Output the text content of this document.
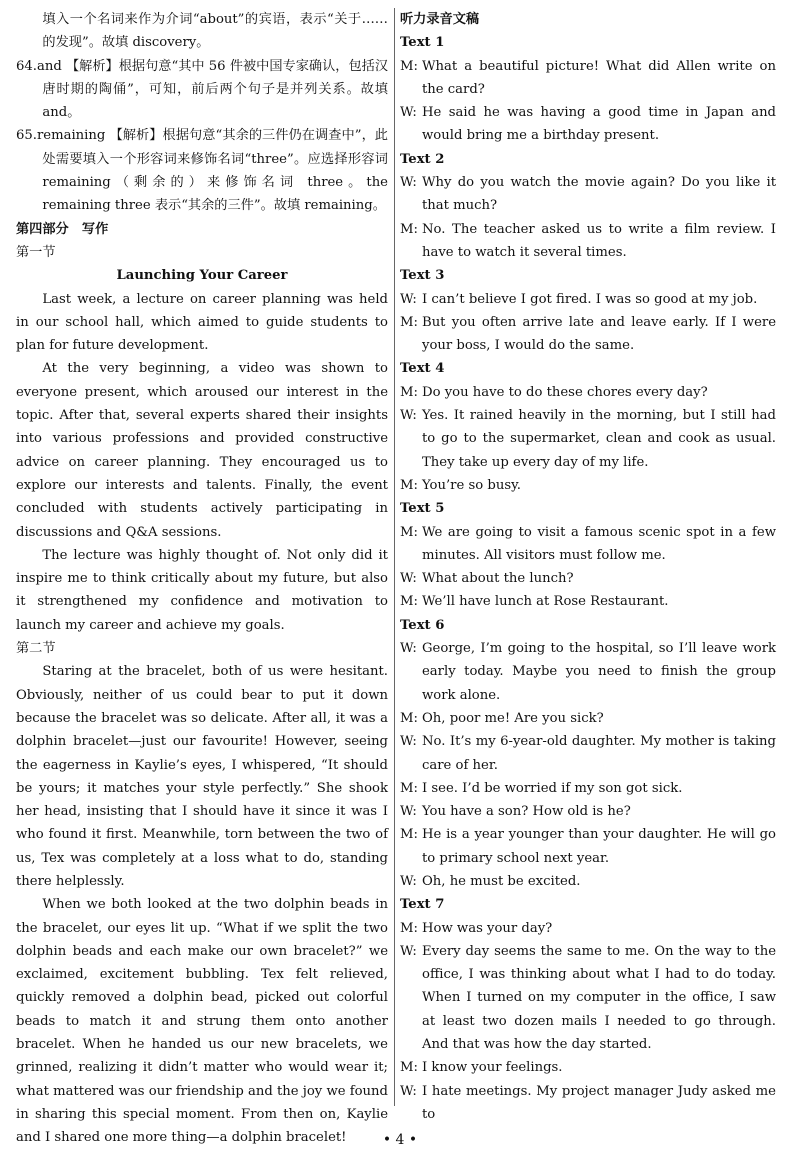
填入一个名词来作为介词“about”的宾语，表示“关于……的发现”。故填 discovery。

64.and 【解析】根据句意“其中 56 件被中国专家确认，包括汉唐时期的陶俑”，可知，前后两个句子是并列关系。故填 and。

65.remaining 【解析】根据句意“其余的三件仍在调查中”，此处需要填入一个形容词来修饰名词“three”。应选择形容词 remaining（剩余的）来修饰名词 three。the remaining three 表示“其余的三件”。故填 remaining。

第四部分　写作

第一节

Launching Your Career

Last week, a lecture on career planning was held in our school hall, which aimed to guide students to plan for future development.

At the very beginning, a video was shown to everyone present, which aroused our interest in the topic. After that, several experts shared their insights into various professions and provided constructive advice on career planning. They encouraged us to explore our interests and talents. Finally, the event concluded with students actively participating in discussions and Q&A sessions.

The lecture was highly thought of. Not only did it inspire me to think critically about my future, but also it strengthened my confidence and motivation to launch my career and achieve my goals.

第二节

Staring at the bracelet, both of us were hesitant. Obviously, neither of us could bear to put it down because the bracelet was so delicate. After all, it was a dolphin bracelet—just our favourite! However, seeing the eagerness in Kaylie’s eyes, I whispered, “It should be yours; it matches your style perfectly.” She shook her head, insisting that I should have it since it was I who found it first. Meanwhile, torn between the two of us, Tex was completely at a loss what to do, standing there helplessly.

When we both looked at the two dolphin beads in the bracelet, our eyes lit up. “What if we split the two dolphin beads and each make our own bracelet?” we exclaimed, excitement bubbling. Tex felt relieved, quickly removed a dolphin bead, picked out colorful beads to match it and strung them onto another bracelet. When he handed us our new bracelets, we grinned, realizing it didn’t matter who would wear it; what mattered was our friendship and the joy we found in sharing this special moment. From then on, Kaylie and I shared one more thing—a dolphin bracelet!

听力录音文稿

Text 1

M: What a beautiful picture! What did Allen write on the card?
W: He said he was having a good time in Japan and would bring me a birthday present.

Text 2

W: Why do you watch the movie again? Do you like it that much?
M: No. The teacher asked us to write a film review. I have to watch it several times.

Text 3

W: I can’t believe I got fired. I was so good at my job.
M: But you often arrive late and leave early. If I were your boss, I would do the same.

Text 4

M: Do you have to do these chores every day?
W: Yes. It rained heavily in the morning, but I still had to go to the supermarket, clean and cook as usual. They take up every day of my life.
M: You’re so busy.

Text 5

M: We are going to visit a famous scenic spot in a few minutes. All visitors must follow me.
W: What about the lunch?
M: We’ll have lunch at Rose Restaurant.

Text 6

W: George, I’m going to the hospital, so I’ll leave work early today. Maybe you need to finish the group work alone.
M: Oh, poor me! Are you sick?
W: No. It’s my 6-year-old daughter. My mother is taking care of her.
M: I see. I’d be worried if my son got sick.
W: You have a son? How old is he?
M: He is a year younger than your daughter. He will go to primary school next year.
W: Oh, he must be excited.

Text 7

M: How was your day?
W: Every day seems the same to me. On the way to the office, I was thinking about what I had to do today. When I turned on my computer in the office, I saw at least two dozen mails I needed to go through. And that was how the day started.
M: I know your feelings.
W: I hate meetings. My project manager Judy asked me to
• 4 •
